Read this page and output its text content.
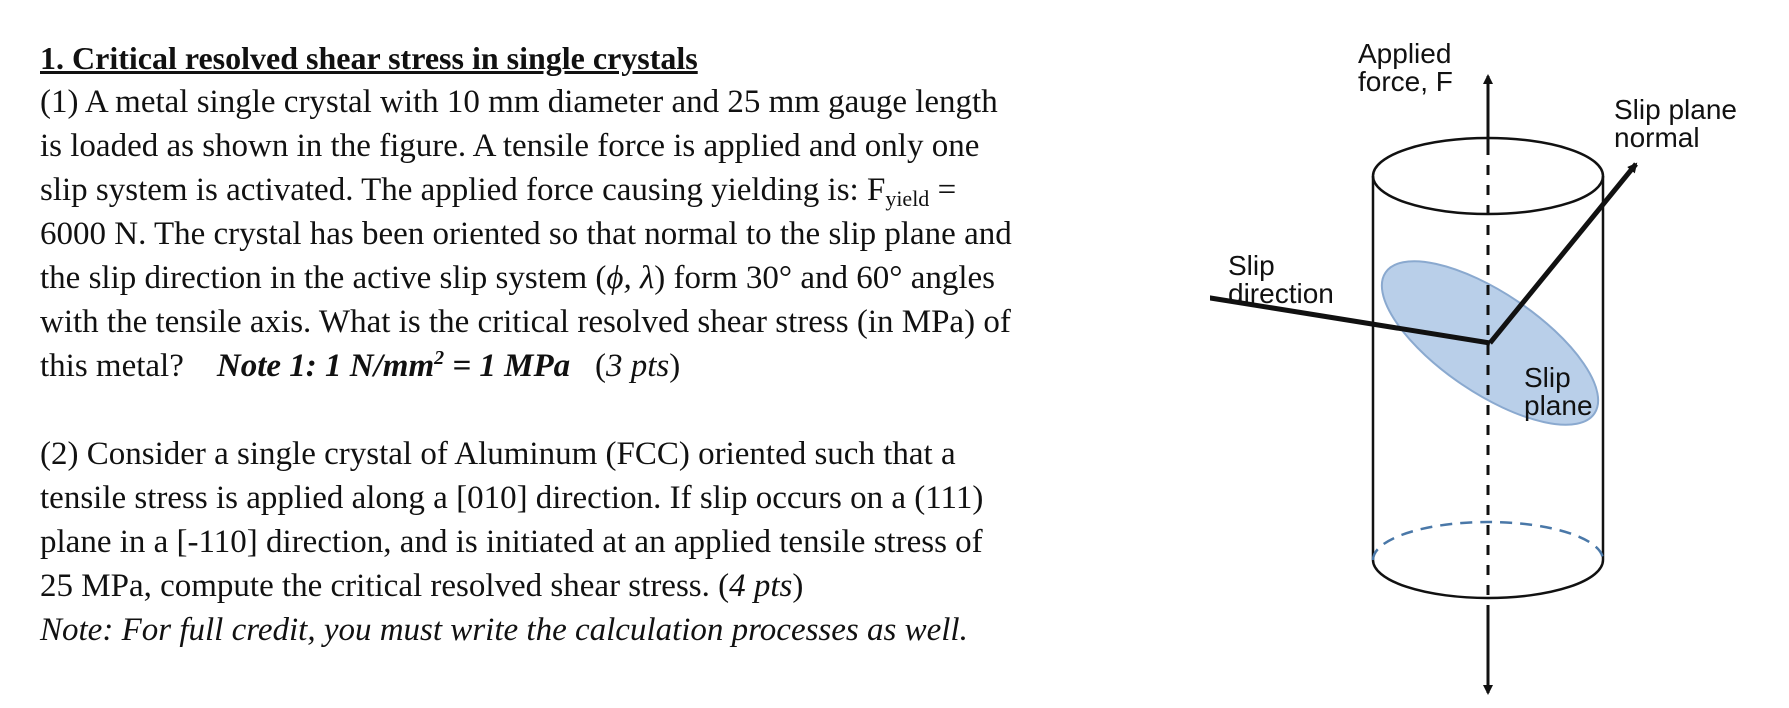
1. Critical resolved shear stress in single crystals
(1) A metal single crystal with 10 mm diameter and 25 mm gauge length
is loaded as shown in the figure. A tensile force is applied and only one
slip system is activated. The applied force causing yielding is: $F_{yield}$ =
6000 N. The crystal has been oriented so that normal to the slip plane and
the slip direction in the active slip system (ϕ, λ) form 30° and 60° angles
with the tensile axis. What is the critical resolved shear stress (in MPa) of
this metal?    Note 1: 1 $N/mm^2 = 1$ MPa   (3 pts)
(2) Consider a single crystal of Aluminum (FCC) oriented such that a
tensile stress is applied along a [010] direction. If slip occurs on a (111)
plane in a [-110] direction, and is initiated at an applied tensile stress of
25 MPa, compute the critical resolved shear stress. (4 pts)
Note: For full credit, you must write the calculation processes as well.
Applied
force, F
Slip plane
normal
Slip
direction
Slip
plane
